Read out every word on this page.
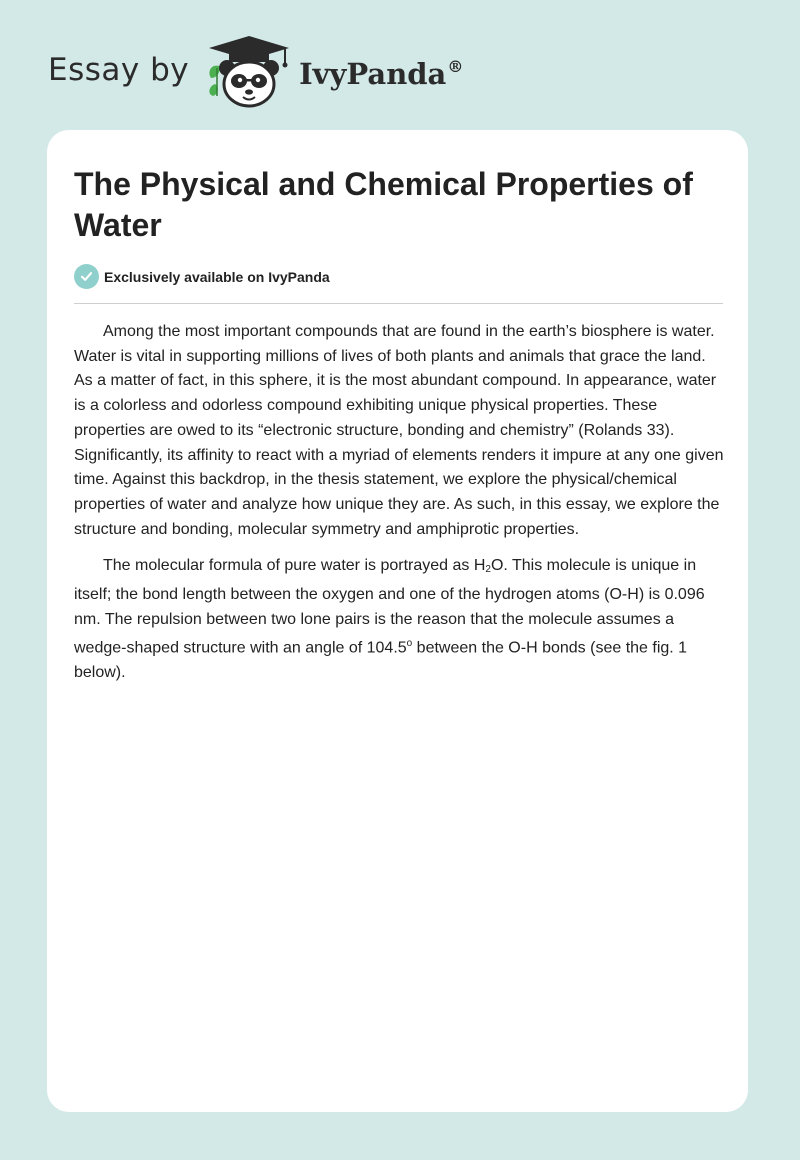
Essay by	IvyPanda®
The Physical and Chemical Properties of Water
Exclusively available on IvyPanda

Among the most important compounds that are found in the earth’s biosphere is water. Water is vital in supporting millions of lives of both plants and animals that grace the land. As a matter of fact, in this sphere, it is the most abundant compound. In appearance, water is a colorless and odorless compound exhibiting unique physical properties. These properties are owed to its “electronic structure, bonding and chemistry” (Rolands 33). Significantly, its affinity to react with a myriad of elements renders it impure at any one given time. Against this backdrop, in the thesis statement, we explore the physical/chemical properties of water and analyze how unique they are. As such, in this essay, we explore the structure and bonding, molecular symmetry and amphiprotic properties.

The molecular formula of pure water is portrayed as $H_2O$. This molecule is unique in itself; the bond length between the oxygen and one of the hydrogen atoms (O-H) is 0.096 nm. The repulsion between two lone pairs is the reason that the molecule assumes a wedge-shaped structure with an angle of 104.5$^o$ between the O-H bonds (see the fig. 1 below).
